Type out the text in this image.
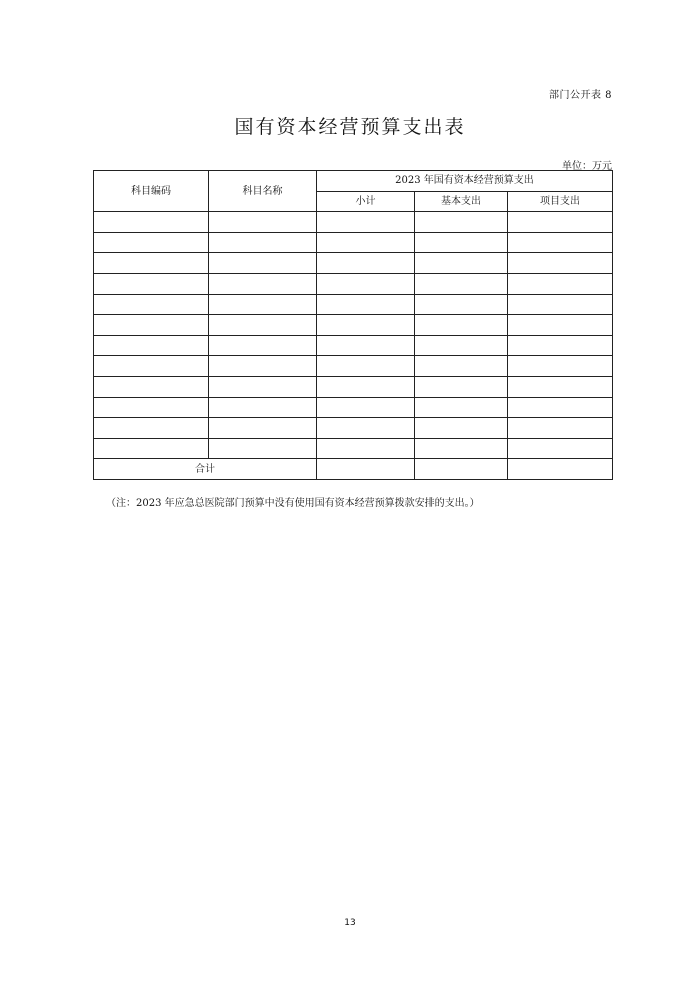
部门公开表 8
国有资本经营预算支出表
单位：万元
科目编码	科目名称	2023 年国有资本经营预算支出		
		小计	基本支出	项目支出

合计				
（注：2023 年应急总医院部门预算中没有使用国有资本经营预算拨款安排的支出。）
13
